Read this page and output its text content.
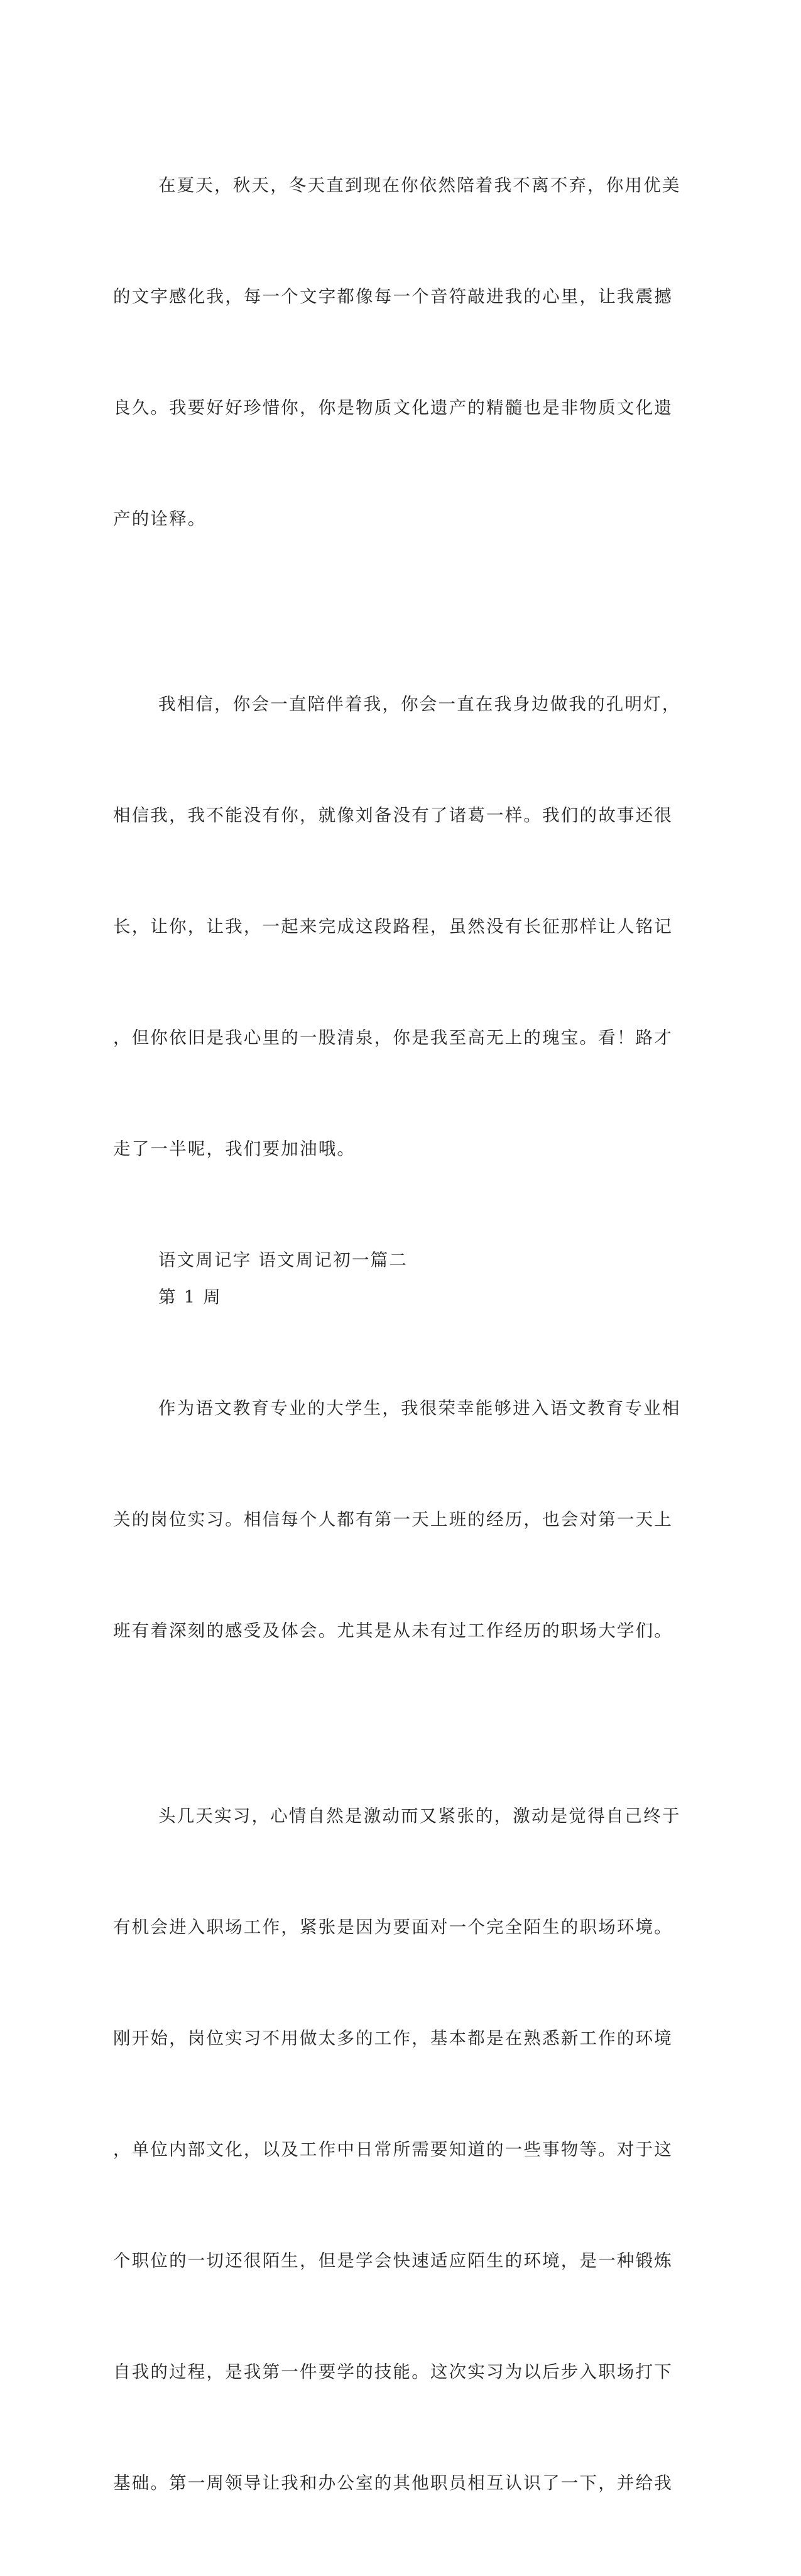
在夏天，秋天，冬天直到现在你依然陪着我不离不弃，你用优美

的文字感化我，每一个文字都像每一个音符敲进我的心里，让我震撼

良久。我要好好珍惜你，你是物质文化遗产的精髓也是非物质文化遗

产的诠释。

我相信，你会一直陪伴着我，你会一直在我身边做我的孔明灯，

相信我，我不能没有你，就像刘备没有了诸葛一样。我们的故事还很

长，让你，让我，一起来完成这段路程，虽然没有长征那样让人铭记

，但你依旧是我心里的一股清泉，你是我至高无上的瑰宝。看！路才

走了一半呢，我们要加油哦。

语文周记字 语文周记初一篇二

第 1 周

作为语文教育专业的大学生，我很荣幸能够进入语文教育专业相

关的岗位实习。相信每个人都有第一天上班的经历，也会对第一天上

班有着深刻的感受及体会。尤其是从未有过工作经历的职场大学们。

头几天实习，心情自然是激动而又紧张的，激动是觉得自己终于

有机会进入职场工作，紧张是因为要面对一个完全陌生的职场环境。

刚开始，岗位实习不用做太多的工作，基本都是在熟悉新工作的环境

，单位内部文化，以及工作中日常所需要知道的一些事物等。对于这

个职位的一切还很陌生，但是学会快速适应陌生的环境，是一种锻炼

自我的过程，是我第一件要学的技能。这次实习为以后步入职场打下

基础。第一周领导让我和办公室的其他职员相互认识了一下，并给我
